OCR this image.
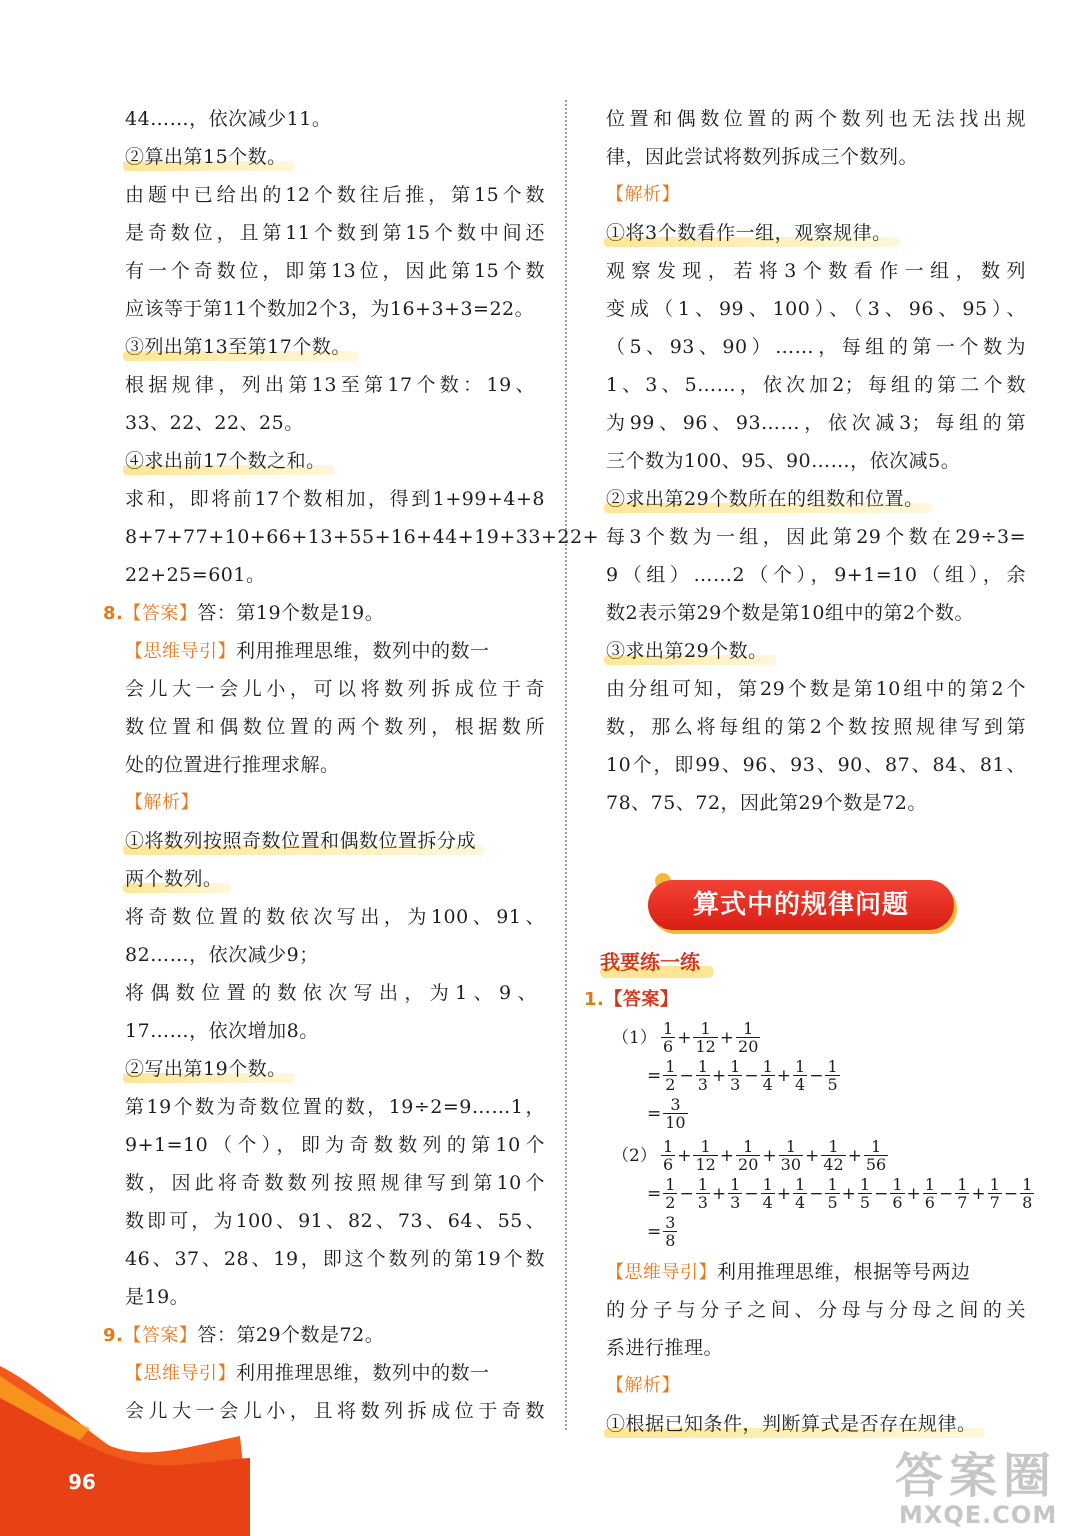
44……，依次减少11。
②算出第15个数。
由题中已给出的12个数往后推，第15个数
是奇数位，且第11个数到第15个数中间还
有一个奇数位，即第13位，因此第15个数
应该等于第11个数加2个3，为16+3+3=22。
③列出第13至第17个数。
根据规律，列出第13至第17个数：19、
33、22、22、25。
④求出前17个数之和。
求和，即将前17个数相加，得到1+99+4+8
8+7+77+10+66+13+55+16+44+19+33+22+
22+25=601。
8.【答案】答：第19个数是19。
【思维导引】利用推理思维，数列中的数一
会儿大一会儿小，可以将数列拆成位于奇
数位置和偶数位置的两个数列，根据数所
处的位置进行推理求解。
【解析】
①将数列按照奇数位置和偶数位置拆分成
两个数列。
将奇数位置的数依次写出，为100、91、
82……，依次减少9；
将偶数位置的数依次写出，为1、9、
17……，依次增加8。
②写出第19个数。
第19个数为奇数位置的数，19÷2=9……1，
9+1=10（个），即为奇数数列的第10个
数，因此将奇数数列按照规律写到第10个
数即可，为100、91、82、73、64、55、
46、37、28、19，即这个数列的第19个数
是19。
9.【答案】答：第29个数是72。
【思维导引】利用推理思维，数列中的数一
会儿大一会儿小，且将数列拆成位于奇数
位置和偶数位置的两个数列也无法找出规
律，因此尝试将数列拆成三个数列。
【解析】
①将3个数看作一组，观察规律。
观察发现，若将3个数看作一组，数列
变成（1、99、100）、（3、96、95）、
（5、93、90）……，每组的第一个数为
1、3、5……，依次加2；每组的第二个数
为99、96、93……，依次减3；每组的第
三个数为100、95、90……，依次减5。
②求出第29个数所在的组数和位置。
每3个数为一组，因此第29个数在29÷3=
9（组）……2（个），9+1=10（组），余
数2表示第29个数是第10组中的第2个数。
③求出第29个数。
由分组可知，第29个数是第10组中的第2个
数，那么将每组的第2个数按照规律写到第
10个，即99、96、93、90、87、84、81、
78、75、72，因此第29个数是72。
算式中的规律问题
我要练一练
1.【答案】
$(1) \frac{1}{6} + \frac{1}{12} + \frac{1}{20}$
= $\frac{1}{2} - \frac{1}{3} + \frac{1}{3} - \frac{1}{4} + \frac{1}{4} - \frac{1}{5}$
= $\frac{3}{10}$
$(2) \frac{1}{6} + \frac{1}{12} + \frac{1}{20} + \frac{1}{30} + \frac{1}{42} + \frac{1}{56}$
= $\frac{1}{2} - \frac{1}{3} + \frac{1}{3} - \frac{1}{4} + \frac{1}{4} - \frac{1}{5} + \frac{1}{5} - \frac{1}{6} + \frac{1}{6} - \frac{1}{7} + \frac{1}{7} - \frac{1}{8}$
= $\frac{3}{8}$
【思维导引】利用推理思维，根据等号两边
的分子与分子之间、分母与分母之间的关
系进行推理。
【解析】
①根据已知条件，判断算式是否存在规律。
96	答案圈
MXQE.COM
